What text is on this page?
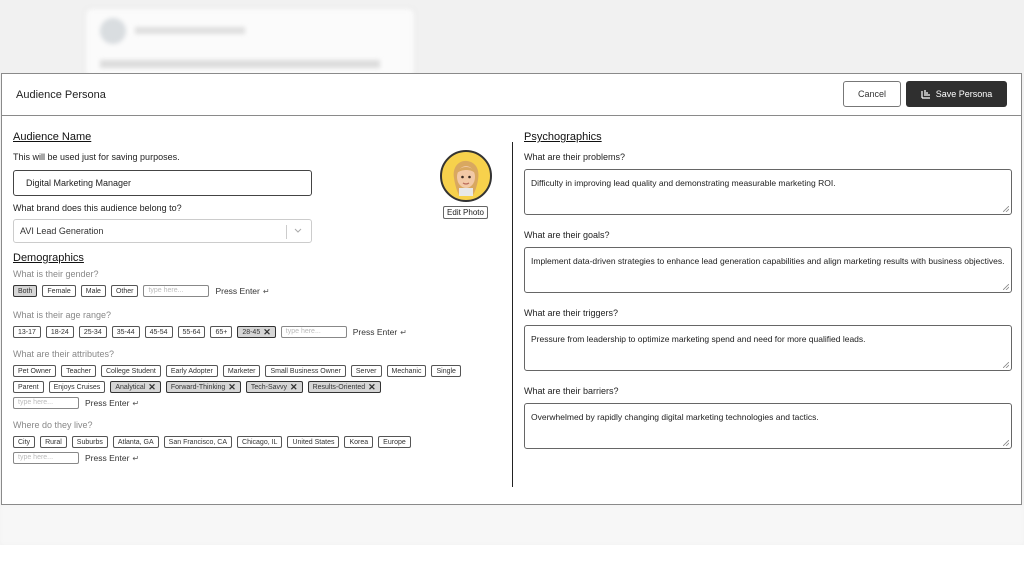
Audience Persona	Cancel	Save Persona
Audience Name
This will be used just for saving purposes.
Digital Marketing Manager
What brand does this audience belong to?
AVI Lead Generation
Demographics
What is their gender?
Both Female Male Other	type here...	Press Enter ↵
What is their age range?
13-17 18-24 25-34 35-44 45-54 55-64 65+ 28-45 ✕	type here...	Press Enter ↵
What are their attributes?
Pet Owner Teacher College Student Early Adopter Marketer Small Business Owner Server Mechanic Single
Parent Enjoys Cruises Analytical ✕ Forward-Thinking ✕ Tech-Savvy ✕ Results-Oriented ✕
type here...	Press Enter ↵
Where do they live?
City Rural Suburbs Atlanta, GA San Francisco, CA Chicago, IL United States Korea Europe
type here...	Press Enter ↵
Edit Photo
Psychographics
What are their problems?
Difficulty in improving lead quality and demonstrating measurable marketing ROI.
What are their goals?
Implement data-driven strategies to enhance lead generation capabilities and align marketing results with business objectives.
What are their triggers?
Pressure from leadership to optimize marketing spend and need for more qualified leads.
What are their barriers?
Overwhelmed by rapidly changing digital marketing technologies and tactics.
